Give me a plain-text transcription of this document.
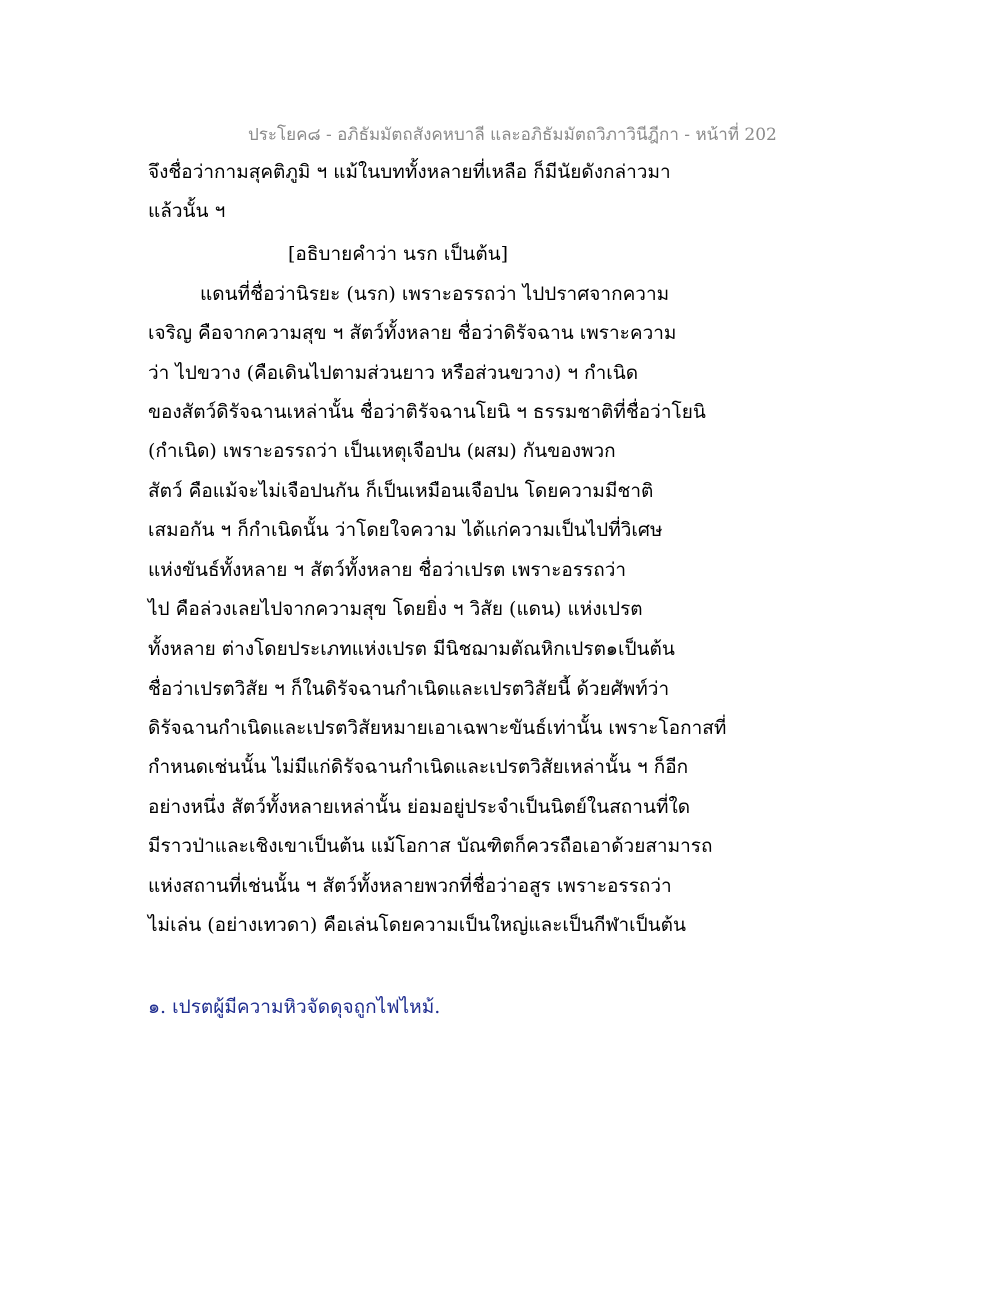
ประโยค๘ - อภิธัมมัตถสังคหบาลี และอภิธัมมัตถวิภาวินีฎีกา - หน้าที่ 202
จึงชื่อว่ากามสุคติภูมิ ฯ แม้ในบททั้งหลายที่เหลือ ก็มีนัยดังกล่าวมา
แล้วนั้น ฯ
[อธิบายคำว่า นรก เป็นต้น]
แดนที่ชื่อว่านิรยะ (นรก) เพราะอรรถว่า ไปปราศจากความ
เจริญ คือจากความสุข ฯ สัตว์ทั้งหลาย ชื่อว่าดิรัจฉาน เพราะความ
ว่า ไปขวาง (คือเดินไปตามส่วนยาว หรือส่วนขวาง) ฯ กำเนิด
ของสัตว์ดิรัจฉานเหล่านั้น ชื่อว่าติรัจฉานโยนิ ฯ ธรรมชาติที่ชื่อว่าโยนิ
(กำเนิด) เพราะอรรถว่า เป็นเหตุเจือปน (ผสม) กันของพวก
สัตว์ คือแม้จะไม่เจือปนกัน ก็เป็นเหมือนเจือปน โดยความมีชาติ
เสมอกัน ฯ ก็กำเนิดนั้น ว่าโดยใจความ ได้แก่ความเป็นไปที่วิเศษ
แห่งขันธ์ทั้งหลาย ฯ สัตว์ทั้งหลาย ชื่อว่าเปรต เพราะอรรถว่า
ไป คือล่วงเลยไปจากความสุข โดยยิ่ง ฯ วิสัย (แดน) แห่งเปรต
ทั้งหลาย ต่างโดยประเภทแห่งเปรต มีนิชฌามตัณหิกเปรต๑เป็นต้น
ชื่อว่าเปรตวิสัย ฯ ก็ในดิรัจฉานกำเนิดและเปรตวิสัยนี้ ด้วยศัพท์ว่า
ดิรัจฉานกำเนิดและเปรตวิสัยหมายเอาเฉพาะขันธ์เท่านั้น เพราะโอกาสที่
กำหนดเช่นนั้น ไม่มีแก่ดิรัจฉานกำเนิดและเปรตวิสัยเหล่านั้น ฯ ก็อีก
อย่างหนึ่ง สัตว์ทั้งหลายเหล่านั้น ย่อมอยู่ประจำเป็นนิตย์ในสถานที่ใด
มีราวป่าและเชิงเขาเป็นต้น แม้โอกาส บัณฑิตก็ควรถือเอาด้วยสามารถ
แห่งสถานที่เช่นนั้น ฯ สัตว์ทั้งหลายพวกที่ชื่อว่าอสูร เพราะอรรถว่า
ไม่เล่น (อย่างเทวดา) คือเล่นโดยความเป็นใหญ่และเป็นกีฬาเป็นต้น
๑. เปรตผู้มีความหิวจัดดุจถูกไฟไหม้.
